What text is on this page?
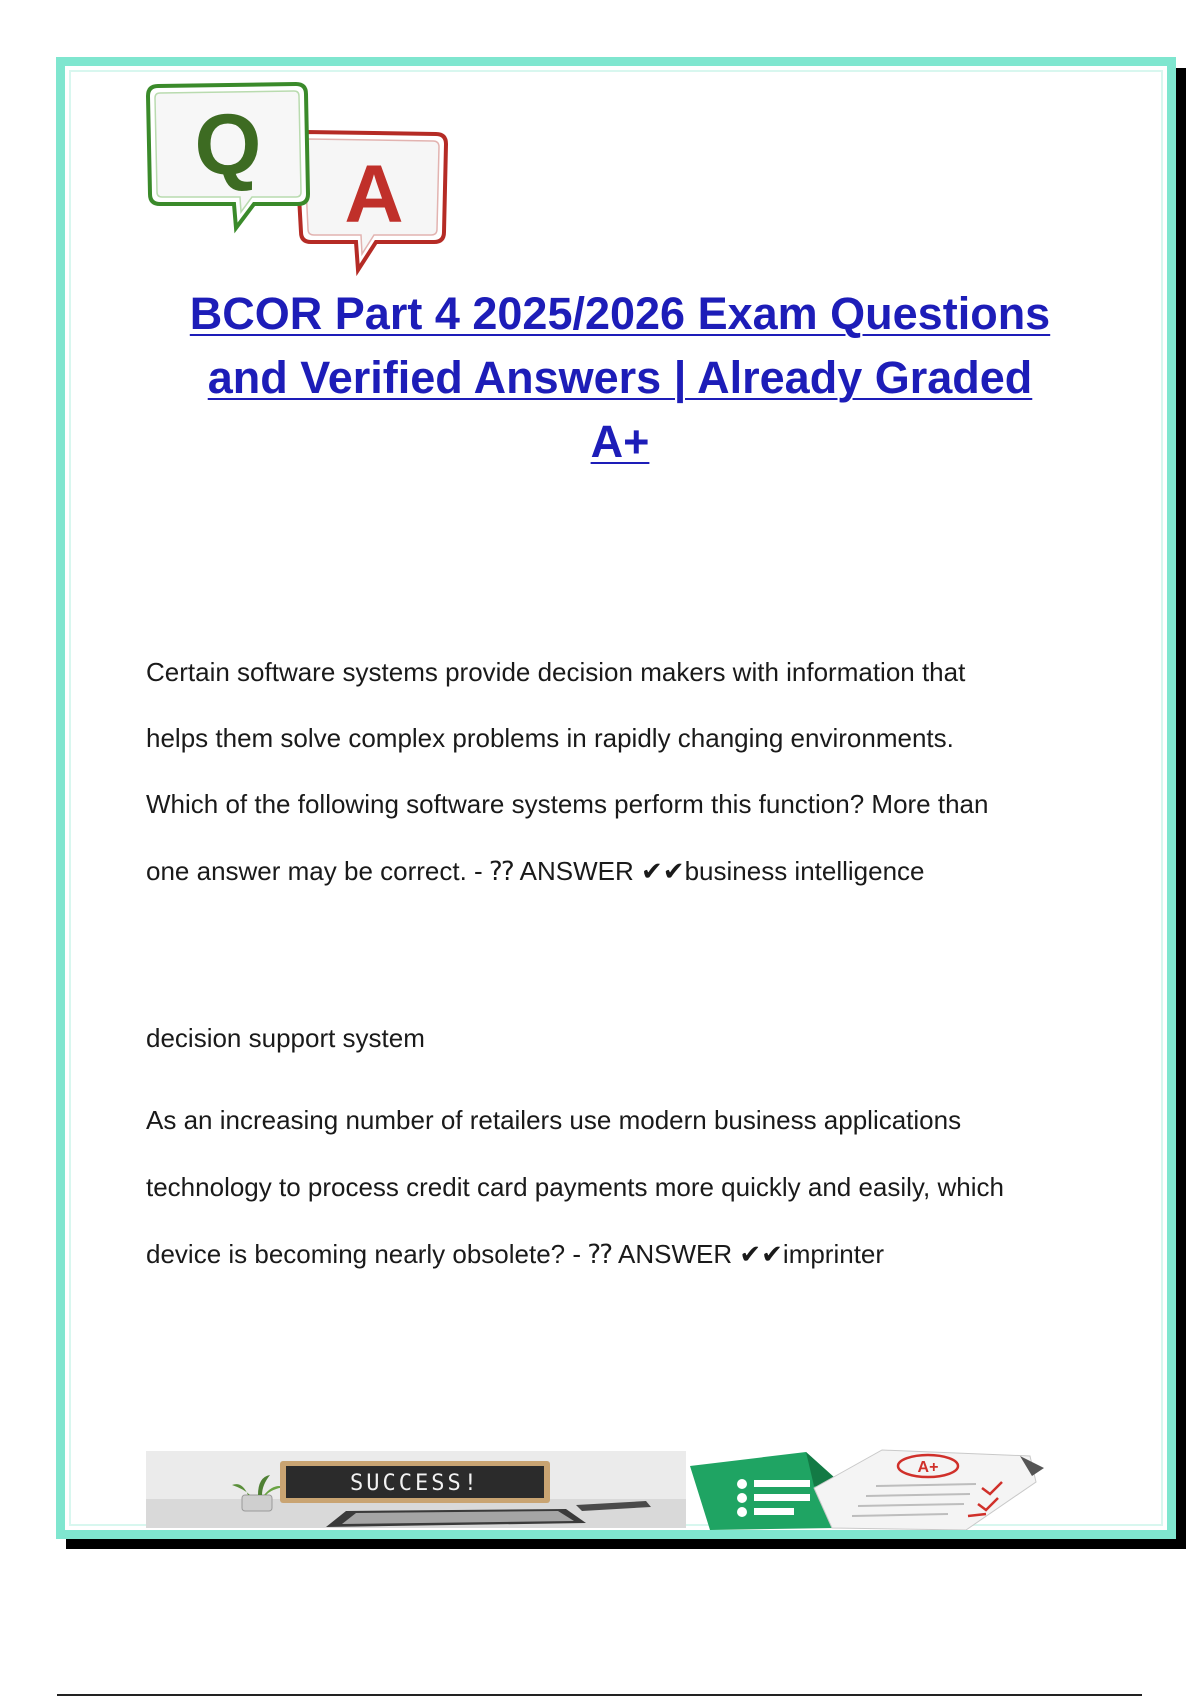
A
Q
BCOR Part 4 2025/2026 Exam Questions
and Verified Answers | Already Graded
A+
Certain software systems provide decision makers with information that
helps them solve complex problems in rapidly changing environments.
Which of the following software systems perform this function? More than
one answer may be correct. - ⁇ ANSWER ✔✔business intelligence
decision support system
As an increasing number of retailers use modern business applications
technology to process credit card payments more quickly and easily, which
device is becoming nearly obsolete? - ⁇ ANSWER ✔✔imprinter
SUCCESS!
A+
